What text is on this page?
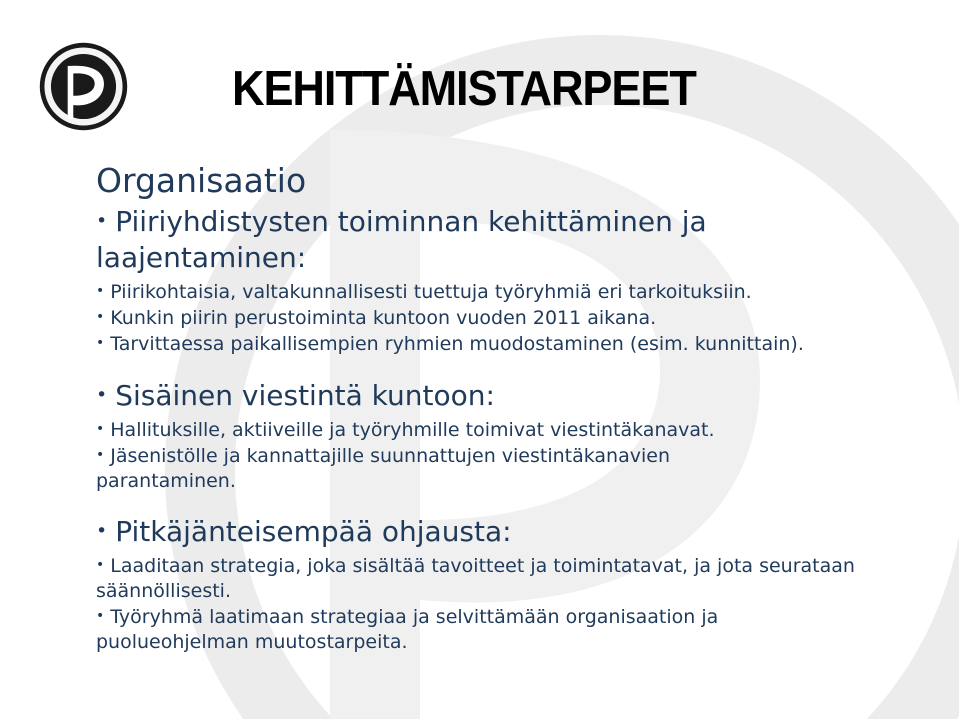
KEHITTÄMISTARPEET
Organisaatio
• Piiriyhdistysten toiminnan kehittäminen ja laajentaminen:
• Piirikohtaisia, valtakunnallisesti tuettuja työryhmiä eri tarkoituksiin.
• Kunkin piirin perustoiminta kuntoon vuoden 2011 aikana.
• Tarvittaessa paikallisempien ryhmien muodostaminen (esim. kunnittain).
• Sisäinen viestintä kuntoon:
• Hallituksille, aktiiveille ja työryhmille toimivat viestintäkanavat.
• Jäsenistölle ja kannattajille suunnattujen viestintäkanavien parantaminen.
• Pitkäjänteisempää ohjausta:
• Laaditaan strategia, joka sisältää tavoitteet ja toimintatavat, ja jota seurataan säännöllisesti.
• Työryhmä laatimaan strategiaa ja selvittämään organisaation ja puolueohjelman muutostarpeita.
